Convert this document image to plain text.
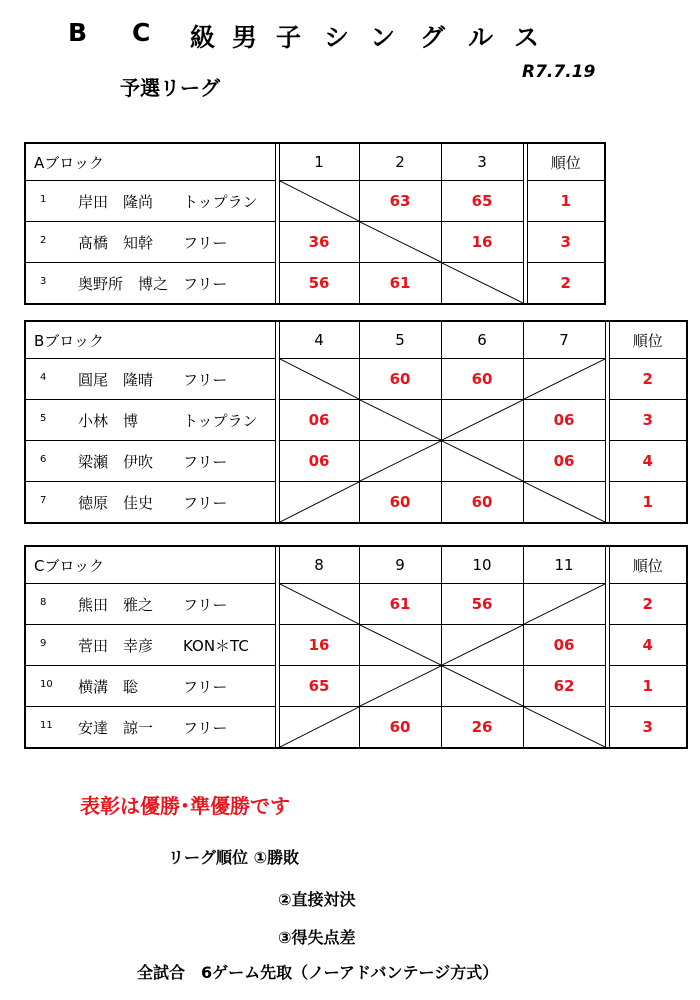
B C 級 男 子 シ ン グ ル ス
予選リーグ
R7.7.19
Aブロック		1	2	3		順位

1 岸田　隆尚 トップラン			63	65		1

2 髙橋　知幹 フリー		36		16		3

3 奥野所　博之 フリー		56	61			2
Bブロック		4	5	6	7		順位

4 圓尾　隆晴 フリー			60	60			2

5 小林　博 トップラン		06			06		3

6 梁瀬　伊吹 フリー		06			06		4

7 徳原　佳史 フリー			60	60			1
Cブロック		8	9	10	11		順位

8 熊田　雅之 フリー			61	56			2

9 菅田　幸彦 KON＊TC		16			06		4

10 横溝　聡 フリー		65			62		1

11 安達　諒一 フリー			60	26			3
表彰は優勝･準優勝です
リーグ順位 ①勝敗
②直接対決
③得失点差
全試合　6ゲーム先取（ノーアドバンテージ方式）
